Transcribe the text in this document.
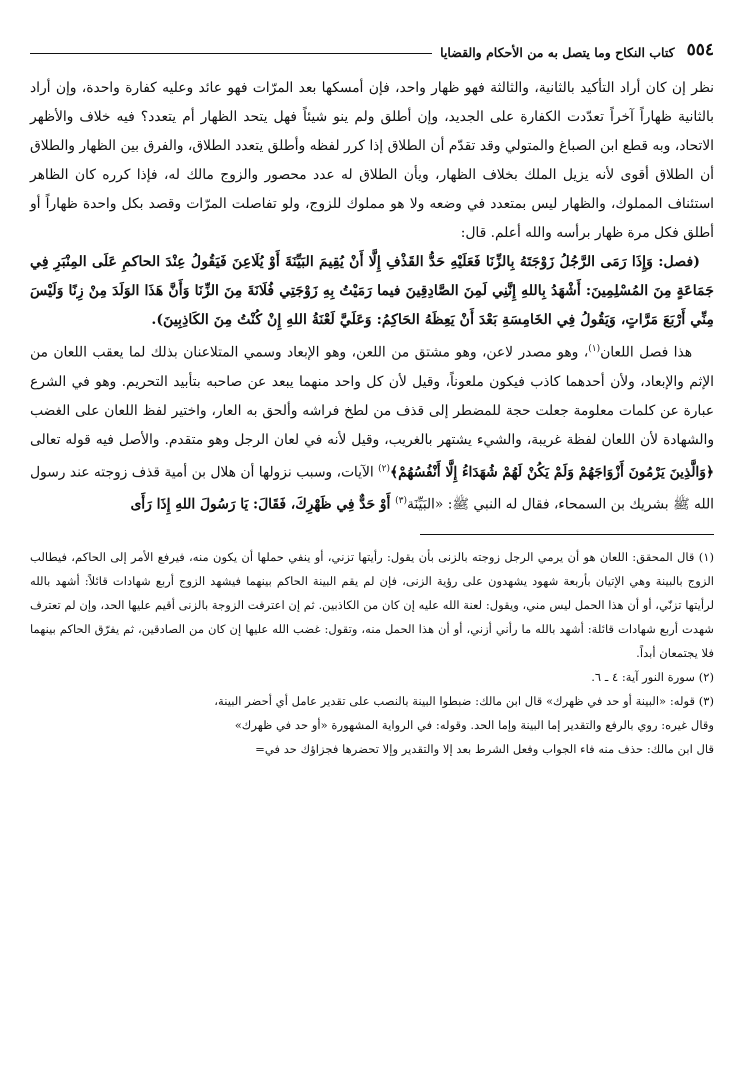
٥٥٤
كتاب النكاح وما يتصل به من الأحكام والقضايا

نظر إن كان أراد التأكيد بالثانية، والثالثة فهو ظهار واحد، فإن أمسكها بعد المرّات فهو عائد وعليه كفارة واحدة، وإن أراد بالثانية ظهاراً آخراً تعدّدت الكفارة على الجديد، وإن أطلق ولم ينو شيئاً فهل يتحد الظهار أم يتعدد؟ فيه خلاف والأظهر الاتحاد، وبه قطع ابن الصباغ والمتولي وقد تقدّم أن الطلاق إذا كرر لفظه وأطلق يتعدد الطلاق، والفرق بين الظهار والطلاق أن الطلاق أقوى لأنه يزيل الملك بخلاف الظهار، ويأن الطلاق له عدد محصور والزوج مالك له، فإذا كرره كان الظاهر استئناف المملوك، والظهار ليس بمتعدد في وضعه ولا هو مملوك للزوج، ولو تفاصلت المرّات وقصد بكل واحدة ظهاراً أو أطلق فكل مرة ظهار برأسه والله أعلم. قال:

(فصل: وَإِذَا رَمَى الرَّجُلُ زَوْجَتَهُ بِالزِّنَا فَعَلَيْهِ حَدُّ القَذْفِ إِلَّا أَنْ يُقِيمَ البَيِّنَةَ أَوْ يُلَاعِنَ فَيَقُولُ عِنْدَ الحاكمِ عَلَى المِنْبَرِ فِي جَمَاعَةٍ مِنَ المُسْلِمِينَ: أَشْهَدُ بِاللهِ إِنَّنِي لَمِنَ الصَّادِقِينَ فيما رَمَيْتُ بِهِ زَوْجَتِي فُلَانَةَ مِنَ الزِّنَا وَأَنَّ هَذَا الوَلَدَ مِنْ زِنًا وَلَيْسَ مِنِّي أَرْبَعَ مَرَّاتٍ، وَيَقُولُ فِي الخَامِسَةِ بَعْدَ أَنْ يَعِظَهُ الحَاكِمُ: وَعَلَيَّ لَعْنَةُ اللهِ إِنْ كُنْتُ مِنَ الكَاذِبِينَ).

هذا فصل اللعان$^{(١)}$، وهو مصدر لاعن، وهو مشتق من اللعن، وهو الإبعاد وسمي المتلاعنان بذلك لما يعقب اللعان من الإثم والإبعاد، ولأن أحدهما كاذب فيكون ملعوناً، وقيل لأن كل واحد منهما يبعد عن صاحبه بتأبيد التحريم. وهو في الشرع عبارة عن كلمات معلومة جعلت حجة للمضطر إلى قذف من لطخ فراشه وألحق به العار، واختير لفظ اللعان على الغضب والشهادة لأن اللعان لفظة غريبة، والشيء يشتهر بالغريب، وقيل لأنه في لعان الرجل وهو متقدم. والأصل فيه قوله تعالى ﴿وَالَّذِينَ يَرْمُونَ أَزْوَاجَهُمْ وَلَمْ يَكُنْ لَهُمْ شُهَدَاءُ إِلَّا أَنْفُسُهُمْ﴾$^{(٢)}$ الآيات، وسبب نزولها أن هلال بن أمية قذف زوجته عند رسول الله ﷺ بشريك بن السمحاء، فقال له النبي ﷺ: «البَيِّنَة$^{(٣)}$ أَوْ حَدٌّ فِي ظَهْرِكَ، فَقَالَ: يَا رَسُولَ اللهِ إِذَا رَأَى

(١) قال المحقق: اللعان هو أن يرمي الرجل زوجته بالزنى بأن يقول: رأيتها تزني، أو ينفي حملها أن يكون منه، فيرفع الأمر إلى الحاكم، فيطالب الزوج بالبينة وهي الإتيان بأربعة شهود يشهدون على رؤية الزنى، فإن لم يقم البينة الحاكم بينهما فيشهد الزوج أربع شهادات قائلاً: أشهد بالله لرأيتها تزنّي، أو أن هذا الحمل ليس مني، ويقول: لعنة الله عليه إن كان من الكاذبين. ثم إن اعترفت الزوجة بالزنى أقيم عليها الحد، وإن لم تعترف شهدت أربع شهادات قائلة: أشهد بالله ما رأني أزني، أو أن هذا الحمل منه، وتقول: غضب الله عليها إن كان من الصادقين، ثم يفرّق الحاكم بينهما فلا يجتمعان أبداً.

(٢) سورة النور آية: ٤ ـ ٦.

(٣) قوله: «البينة أو حد في ظهرك» قال ابن مالك: ضبطوا البينة بالنصب على تقدير عامل أي أحضر البينة،

وقال غيره: روي بالرفع والتقدير إما البينة وإما الحد. وقوله: في الرواية المشهورة «أو حد في ظهرك»

قال ابن مالك: حذف منه فاء الجواب وفعل الشرط بعد إلا والتقدير وإلا تحضرها فجزاؤك حد في=
